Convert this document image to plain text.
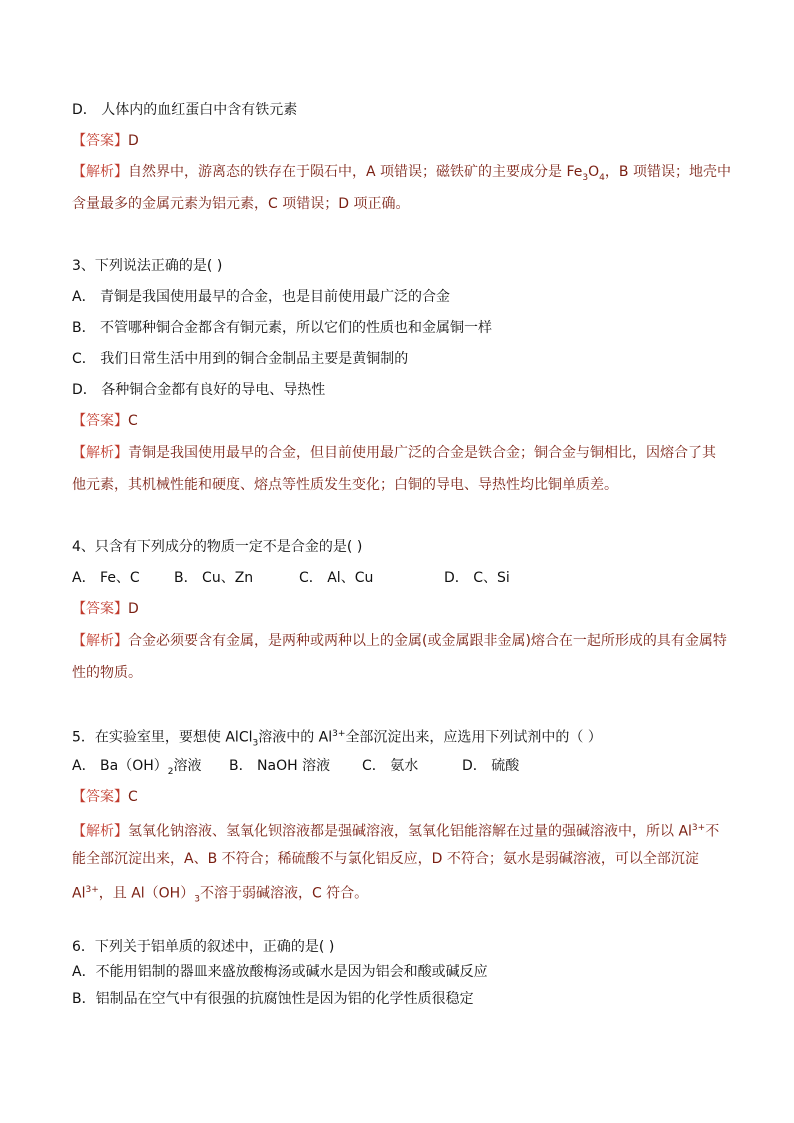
D． 人体内的血红蛋白中含有铁元素
【答案】D
【解析】自然界中，游离态的铁存在于陨石中，A 项错误；磁铁矿的主要成分是 $Fe_3O_4$，B 项错误；地壳中
含量最多的金属元素为铝元素，C 项错误；D 项正确。
3、下列说法正确的是( )
A． 青铜是我国使用最早的合金，也是目前使用最广泛的合金
B． 不管哪种铜合金都含有铜元素，所以它们的性质也和金属铜一样
C． 我们日常生活中用到的铜合金制品主要是黄铜制的
D． 各种铜合金都有良好的导电、导热性
【答案】C
【解析】青铜是我国使用最早的合金，但目前使用最广泛的合金是铁合金；铜合金与铜相比，因熔合了其
他元素，其机械性能和硬度、熔点等性质发生变化；白铜的导电、导热性均比铜单质差。
4、只含有下列成分的物质一定不是合金的是( )
A． Fe、C B． Cu、Zn	C． Al、Cu	D． C、Si
【答案】D
【解析】合金必须要含有金属，是两种或两种以上的金属(或金属跟非金属)熔合在一起所形成的具有金属特
性的物质。
5．在实验室里，要想使 AlCl$_3$溶液中的 $Al^{3+}$全部沉淀出来，应选用下列试剂中的（ ）
A． $Ba(OH)_2$溶液 B． NaOH 溶液 C． 氨水	D． 硫酸
【答案】C
【解析】氢氧化钠溶液、氢氧化钡溶液都是强碱溶液，氢氧化铝能溶解在过量的强碱溶液中，所以 $Al^{3+}$不
能全部沉淀出来，A、B 不符合；稀硫酸不与氯化铝反应，D 不符合；氨水是弱碱溶液，可以全部沉淀
$Al^{3+}$，且 $Al(OH)_3$不溶于弱碱溶液，C 符合。
6．下列关于铝单质的叙述中，正确的是( )
A．不能用铝制的器皿来盛放酸梅汤或碱水是因为铝会和酸或碱反应
B．铝制品在空气中有很强的抗腐蚀性是因为铝的化学性质很稳定
